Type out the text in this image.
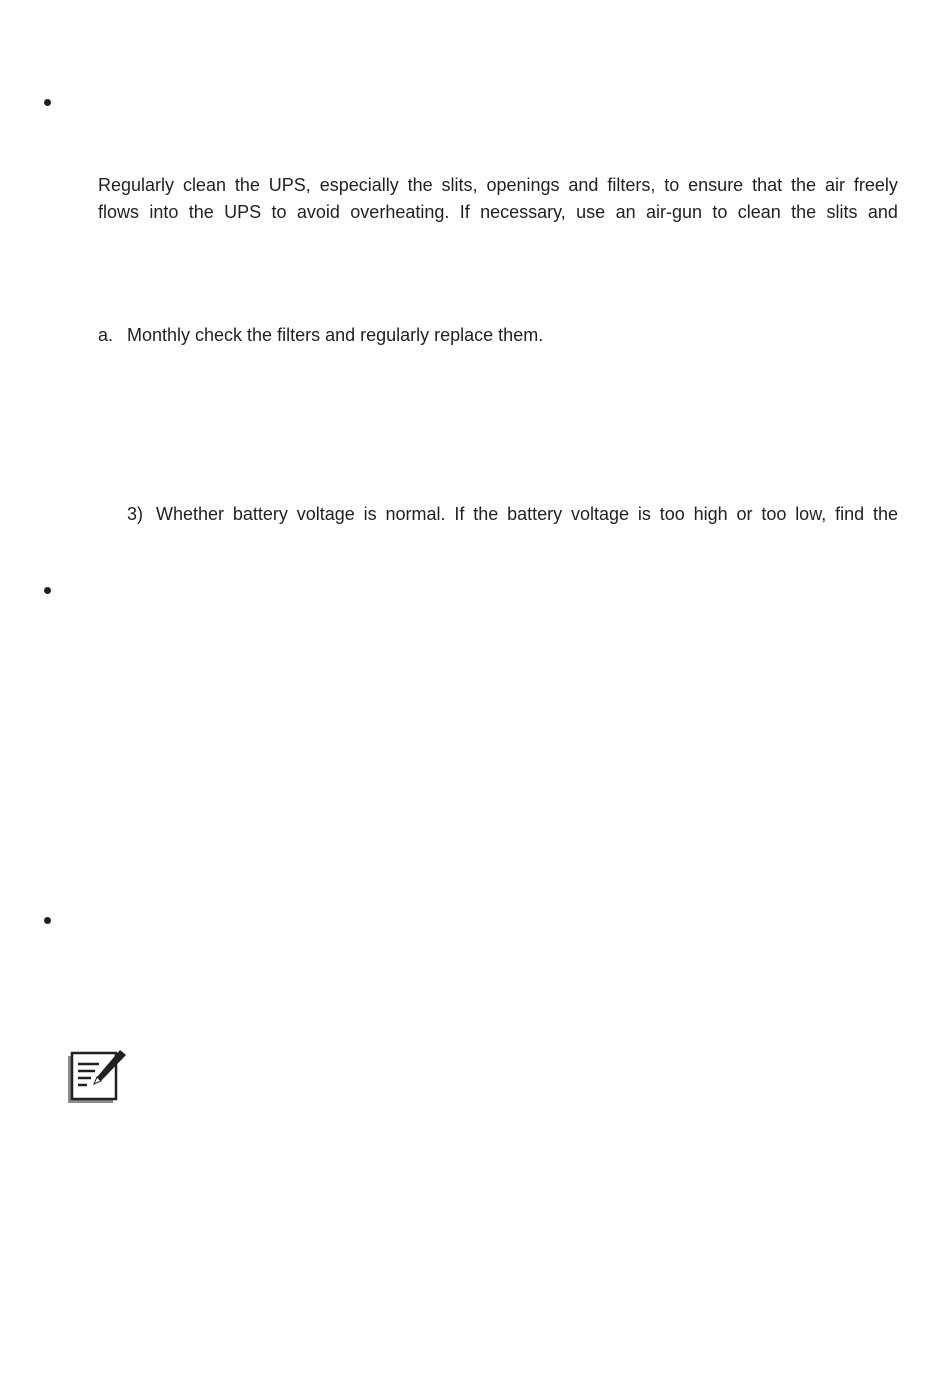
Regularly clean the UPS, especially the slits, openings and filters, to ensure that the air freely
flows into the UPS to avoid overheating. If necessary, use an air-gun to clean the slits and
a. Monthly check the filters and regularly replace them.
3) Whether battery voltage is normal. If the battery voltage is too high or too low, find the
